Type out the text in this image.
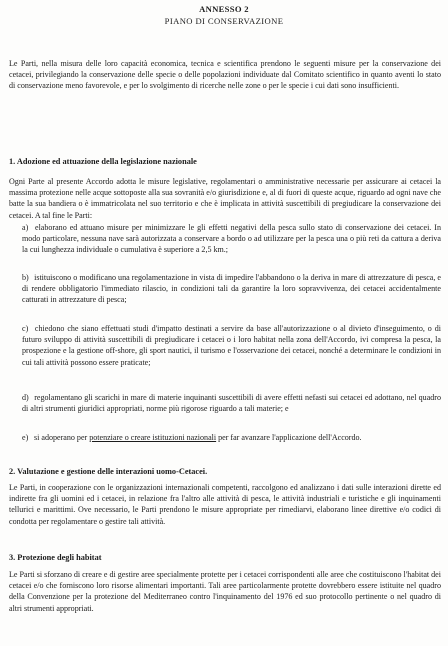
ANNESSO 2
PIANO DI CONSERVAZIONE
Le Parti, nella misura delle loro capacità economica, tecnica e scientifica prendono le seguenti misure per la conservazione dei cetacei, privilegiando la conservazione delle specie o delle popolazioni individuate dal Comitato scientifico in quanto aventi lo stato di conservazione meno favorevole, e per lo svolgimento di ricerche nelle zone o per le specie i cui dati sono insufficienti.
1. Adozione ed attuazione della legislazione nazionale
Ogni Parte al presente Accordo adotta le misure legislative, regolamentari o amministrative necessarie per assicurare ai cetacei la massima protezione nelle acque sottoposte alla sua sovranità e/o giurisdizione e, al di fuori di queste acque, riguardo ad ogni nave che batte la sua bandiera o è immatricolata nel suo territorio e che è implicata in attività suscettibili di pregiudicare la conservazione dei cetacei. A tal fine le Parti:
a) elaborano ed attuano misure per minimizzare le gli effetti negativi della pesca sullo stato di conservazione dei cetacei. In modo particolare, nessuna nave sarà autorizzata a conservare a bordo o ad utilizzare per la pesca una o più reti da cattura a deriva la cui lunghezza individuale o cumulativa è superiore a 2,5 km.;
b) istituiscono o modificano una regolamentazione in vista di impedire l'abbandono o la deriva in mare di attrezzature di pesca, e di rendere obbligatorio l'immediato rilascio, in condizioni tali da garantire la loro sopravvivenza, dei cetacei accidentalmente catturati in attrezzature di pesca;
c) chiedono che siano effettuati studi d'impatto destinati a servire da base all'autorizzazione o al divieto d'inseguimento, o di futuro sviluppo di attività suscettibili di pregiudicare i cetacei o i loro habitat nella zona dell'Accordo, ivi compresa la pesca, la prospezione e la gestione off-shore, gli sport nautici, il turismo e l'osservazione dei cetacei, nonché a determinare le condizioni in cui tali attività possono essere praticate;
d) regolamentano gli scarichi in mare di materie inquinanti suscettibili di avere effetti nefasti sui cetacei ed adottano, nel quadro di altri strumenti giuridici appropriati, norme più rigorose riguardo a tali materie; e
e) si adoperano per potenziare o creare istituzioni nazionali per far avanzare l'applicazione dell'Accordo.
2. Valutazione e gestione delle interazioni uomo-Cetacei.
Le Parti, in cooperazione con le organizzazioni internazionali competenti, raccolgono ed analizzano i dati sulle interazioni dirette ed indirette fra gli uomini ed i cetacei, in relazione fra l'altro alle attività di pesca, le attività industriali e turistiche e gli inquinamenti tellurici e marittimi. Ove necessario, le Parti prendono le misure appropriate per rimediarvi, elaborano linee direttive e/o codici di condotta per regolamentare o gestire tali attività.
3. Protezione degli habitat
Le Parti si sforzano di creare e di gestire aree specialmente protette per i cetacei corrispondenti alle aree che costituiscono l'habitat dei cetacei e/o che forniscono loro risorse alimentari importanti. Tali aree particolarmente protette dovrebbero essere istituite nel quadro della Convenzione per la protezione del Mediterraneo contro l'inquinamento del 1976 ed suo protocollo pertinente o nel quadro di altri strumenti appropriati.
